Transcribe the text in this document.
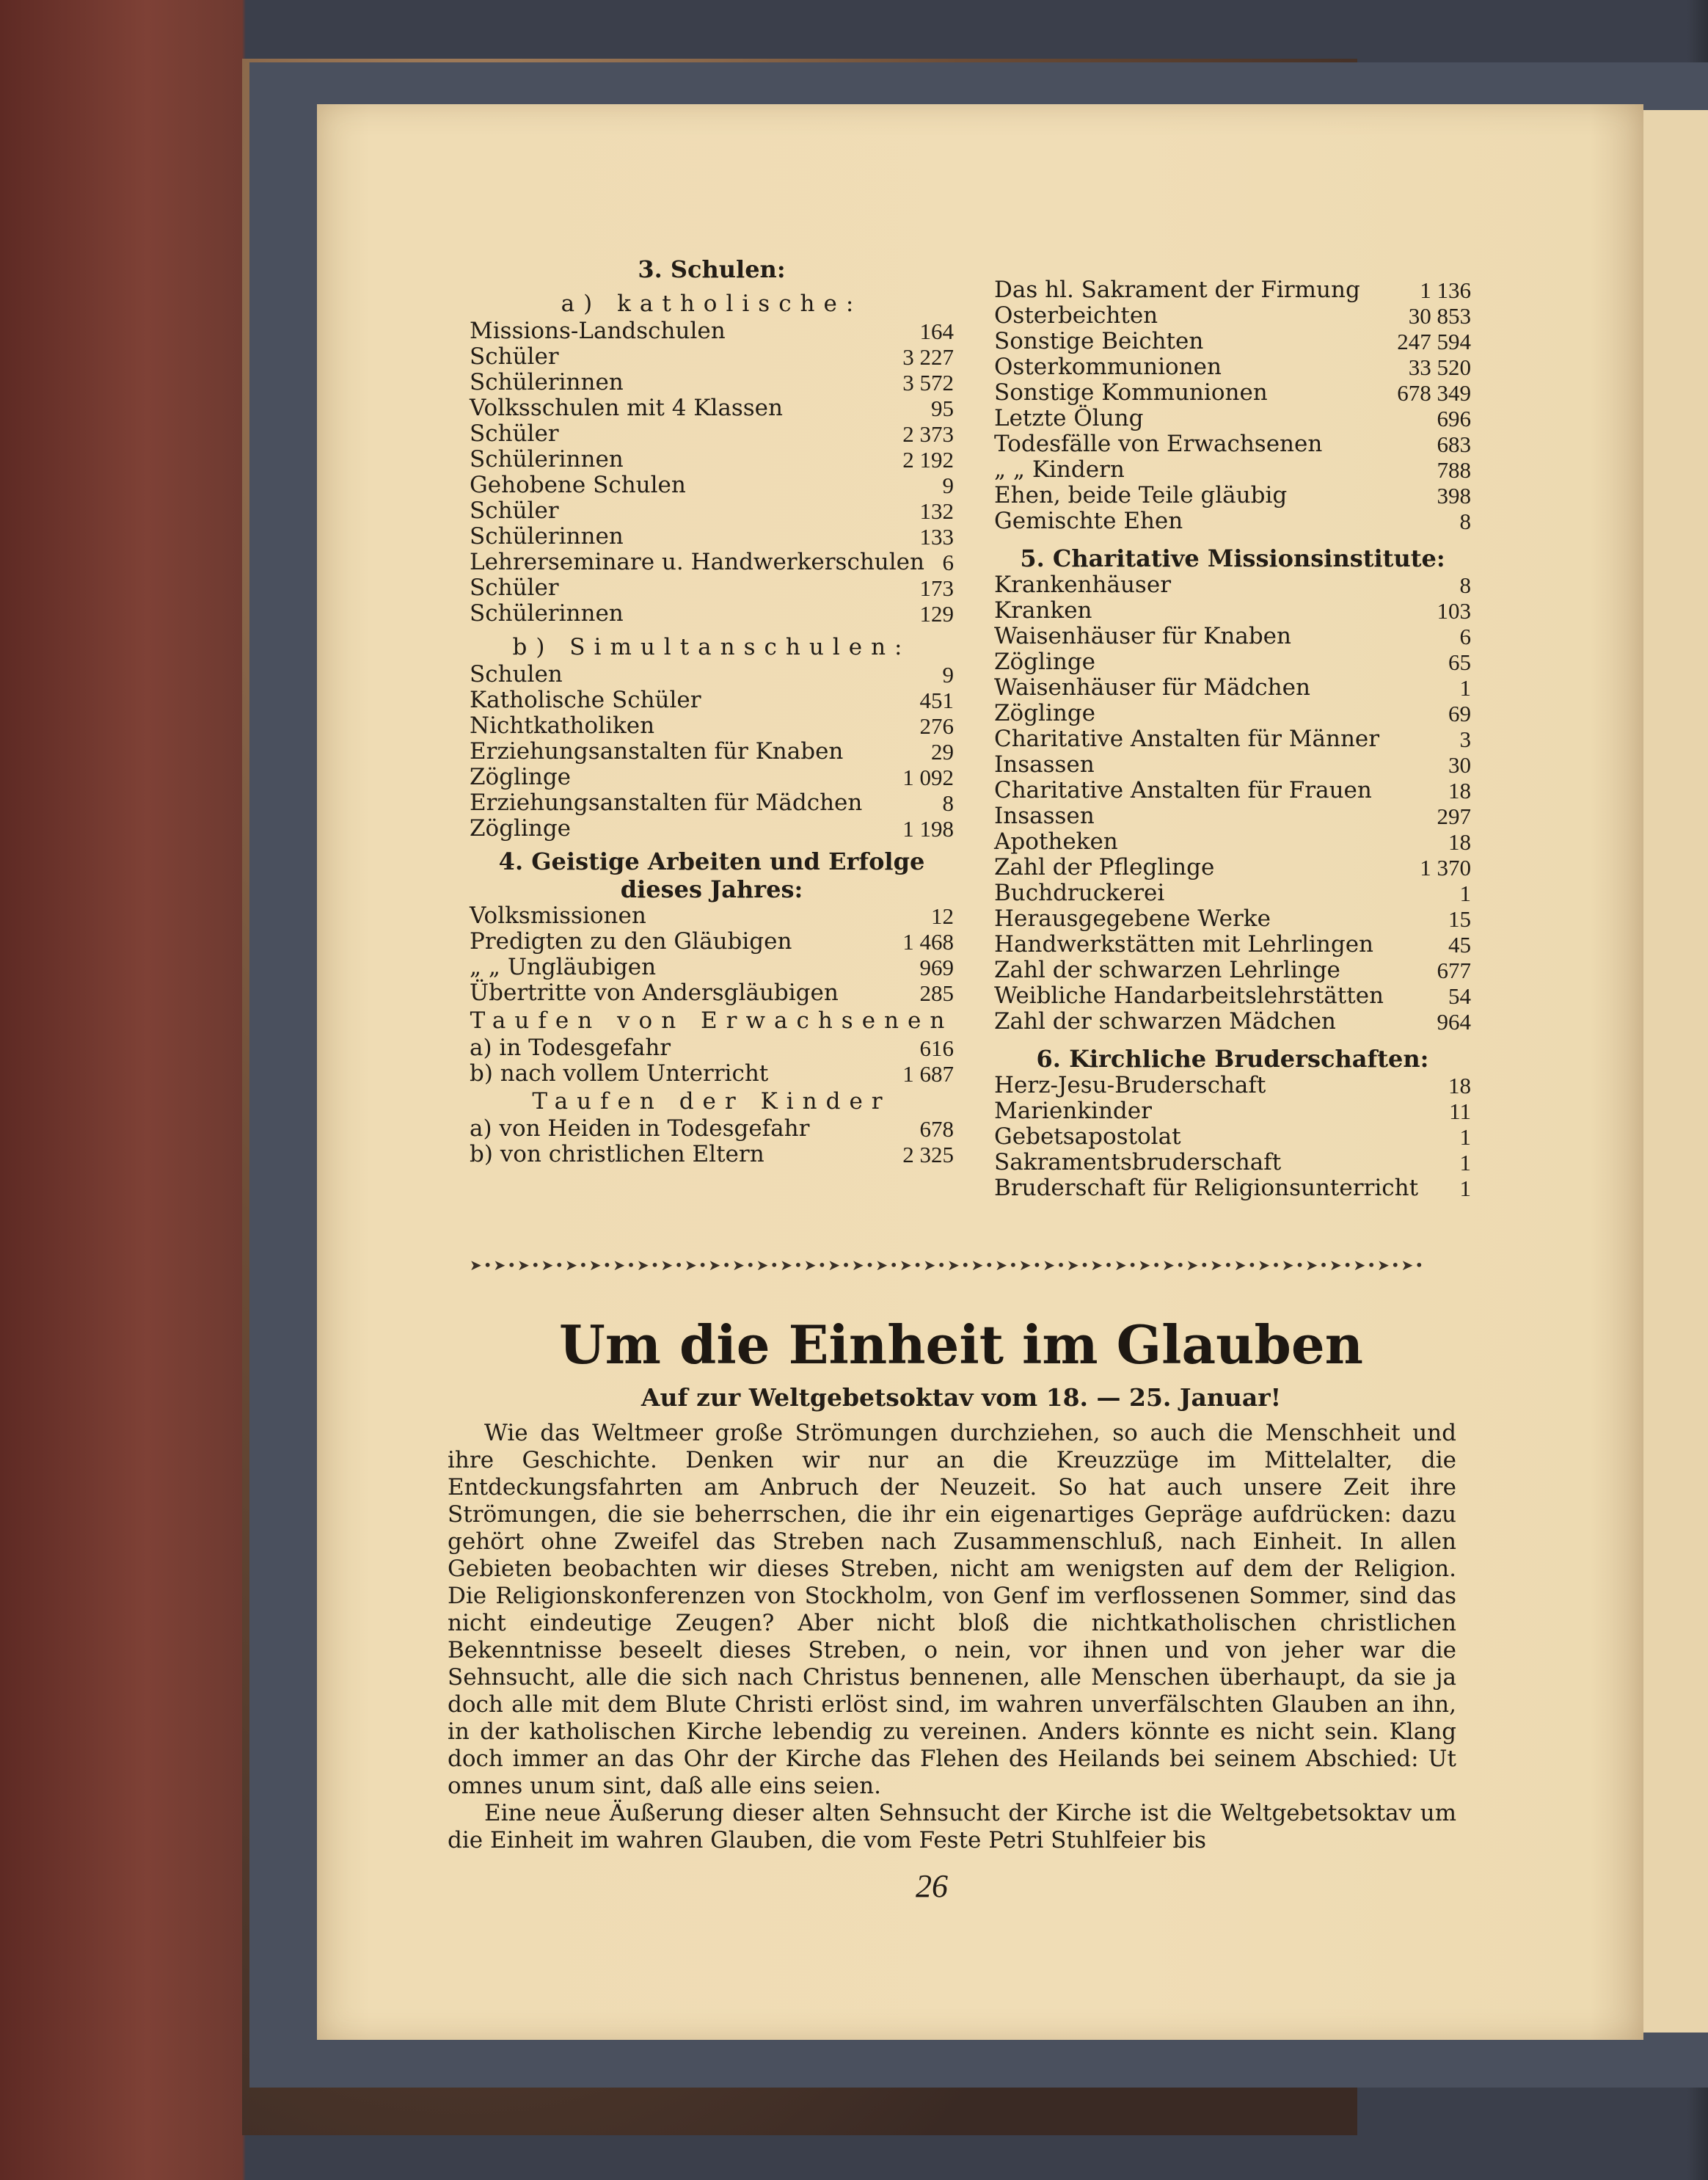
3. Schulen:
a) katholische:
Missions-Landschulen	164
Schüler	3 227
Schülerinnen	3 572
Volksschulen mit 4 Klassen	95
Schüler	2 373
Schülerinnen	2 192
Gehobene Schulen	9
Schüler	132
Schülerinnen	133
Lehrerseminare u. Handwerkerschulen 6
Schüler	173
Schülerinnen	129
b) Simultanschulen:
Schulen	9
Katholische Schüler	451
Nichtkatholiken	276
Erziehungsanstalten für Knaben	29
Zöglinge	1 092
Erziehungsanstalten für Mädchen	8
Zöglinge	1 198
4. Geistige Arbeiten und Erfolge
dieses Jahres:
Volksmissionen	12
Predigten zu den Gläubigen	1 468
„ „ Ungläubigen	969
Übertritte von Andersgläubigen	285
Taufen von Erwachsenen
a) in Todesgefahr	616
b) nach vollem Unterricht	1 687
Taufen der Kinder
a) von Heiden in Todesgefahr	678
b) von christlichen Eltern	2 325
Das hl. Sakrament der Firmung	1 136
Osterbeichten	30 853
Sonstige Beichten	247 594
Osterkommunionen	33 520
Sonstige Kommunionen	678 349
Letzte Ölung	696
Todesfälle von Erwachsenen	683
„ „ Kindern	788
Ehen, beide Teile gläubig	398
Gemischte Ehen	8
5. Charitative Missionsinstitute:
Krankenhäuser	8
Kranken	103
Waisenhäuser für Knaben	6
Zöglinge	65
Waisenhäuser für Mädchen	1
Zöglinge	69
Charitative Anstalten für Männer	3
Insassen	30
Charitative Anstalten für Frauen	18
Insassen	297
Apotheken	18
Zahl der Pfleglinge	1 370
Buchdruckerei	1
Herausgegebene Werke	15
Handwerkstätten mit Lehrlingen	45
Zahl der schwarzen Lehrlinge	677
Weibliche Handarbeitslehrstätten	54
Zahl der schwarzen Mädchen	964
6. Kirchliche Bruderschaften:
Herz-Jesu-Bruderschaft	18
Marienkinder	11
Gebetsapostolat	1
Sakramentsbruderschaft	1
Bruderschaft für Religionsunterricht 1
➤•➤•➤•➤•➤•➤•➤•➤•➤•➤•➤•➤•➤•➤•➤•➤•➤•➤•➤•➤•➤•➤•➤•➤•➤•➤•➤•➤•➤•➤•➤•➤•➤•➤•➤•➤•➤•➤•➤•➤•
Um die Einheit im Glauben
Auf zur Weltgebetsoktav vom 18. — 25. Januar!

Wie das Weltmeer große Strömungen durchziehen, so auch die Menschheit und ihre Geschichte. Denken wir nur an die Kreuzzüge im Mittelalter, die Entdeckungsfahrten am Anbruch der Neuzeit. So hat auch unsere Zeit ihre Strömungen, die sie beherrschen, die ihr ein eigenartiges Gepräge aufdrücken: dazu gehört ohne Zweifel das Streben nach Zusammenschluß, nach Einheit. In allen Gebieten beobachten wir dieses Streben, nicht am wenigsten auf dem der Religion. Die Religionskonferenzen von Stockholm, von Genf im verflossenen Sommer, sind das nicht eindeutige Zeugen? Aber nicht bloß die nichtkatholischen christlichen Bekenntnisse beseelt dieses Streben, o nein, vor ihnen und von jeher war die Sehnsucht, alle die sich nach Christus bennenen, alle Menschen überhaupt, da sie ja doch alle mit dem Blute Christi erlöst sind, im wahren unverfälschten Glauben an ihn, in der katholischen Kirche lebendig zu vereinen. Anders könnte es nicht sein. Klang doch immer an das Ohr der Kirche das Flehen des Heilands bei seinem Abschied: Ut omnes unum sint, daß alle eins seien.

Eine neue Äußerung dieser alten Sehnsucht der Kirche ist die Weltgebetsoktav um die Einheit im wahren Glauben, die vom Feste Petri Stuhlfeier bis

26
